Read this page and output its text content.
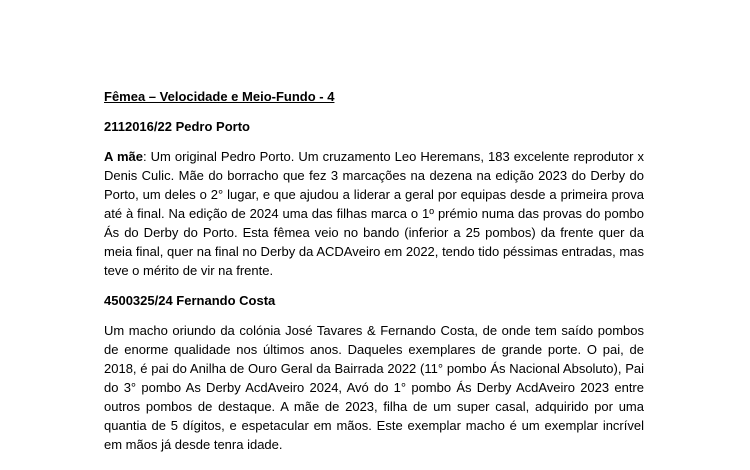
Fêmea – Velocidade e Meio-Fundo - 4

2112016/22 Pedro Porto

A mãe: Um original Pedro Porto. Um cruzamento Leo Heremans, 183 excelente reprodutor x Denis Culic. Mãe do borracho que fez 3 marcações na dezena na edição 2023 do Derby do Porto, um deles o 2° lugar, e que ajudou a liderar a geral por equipas desde a primeira prova até à final. Na edição de 2024 uma das filhas marca o 1º prémio numa das provas do pombo Ás do Derby do Porto. Esta fêmea veio no bando (inferior a 25 pombos) da frente quer da meia final, quer na final no Derby da ACDAveiro em 2022, tendo tido péssimas entradas, mas teve o mérito de vir na frente.

4500325/24 Fernando Costa

Um macho oriundo da colónia José Tavares & Fernando Costa, de onde tem saído pombos de enorme qualidade nos últimos anos. Daqueles exemplares de grande porte. O pai, de 2018, é pai do Anilha de Ouro Geral da Bairrada 2022 (11° pombo Ás Nacional Absoluto), Pai do 3° pombo As Derby AcdAveiro 2024, Avó do 1° pombo Ás Derby AcdAveiro 2023 entre outros pombos de destaque. A mãe de 2023, filha de um super casal, adquirido por uma quantia de 5 dígitos, e espetacular em mãos. Este exemplar macho é um exemplar incrível em mãos já desde tenra idade.
